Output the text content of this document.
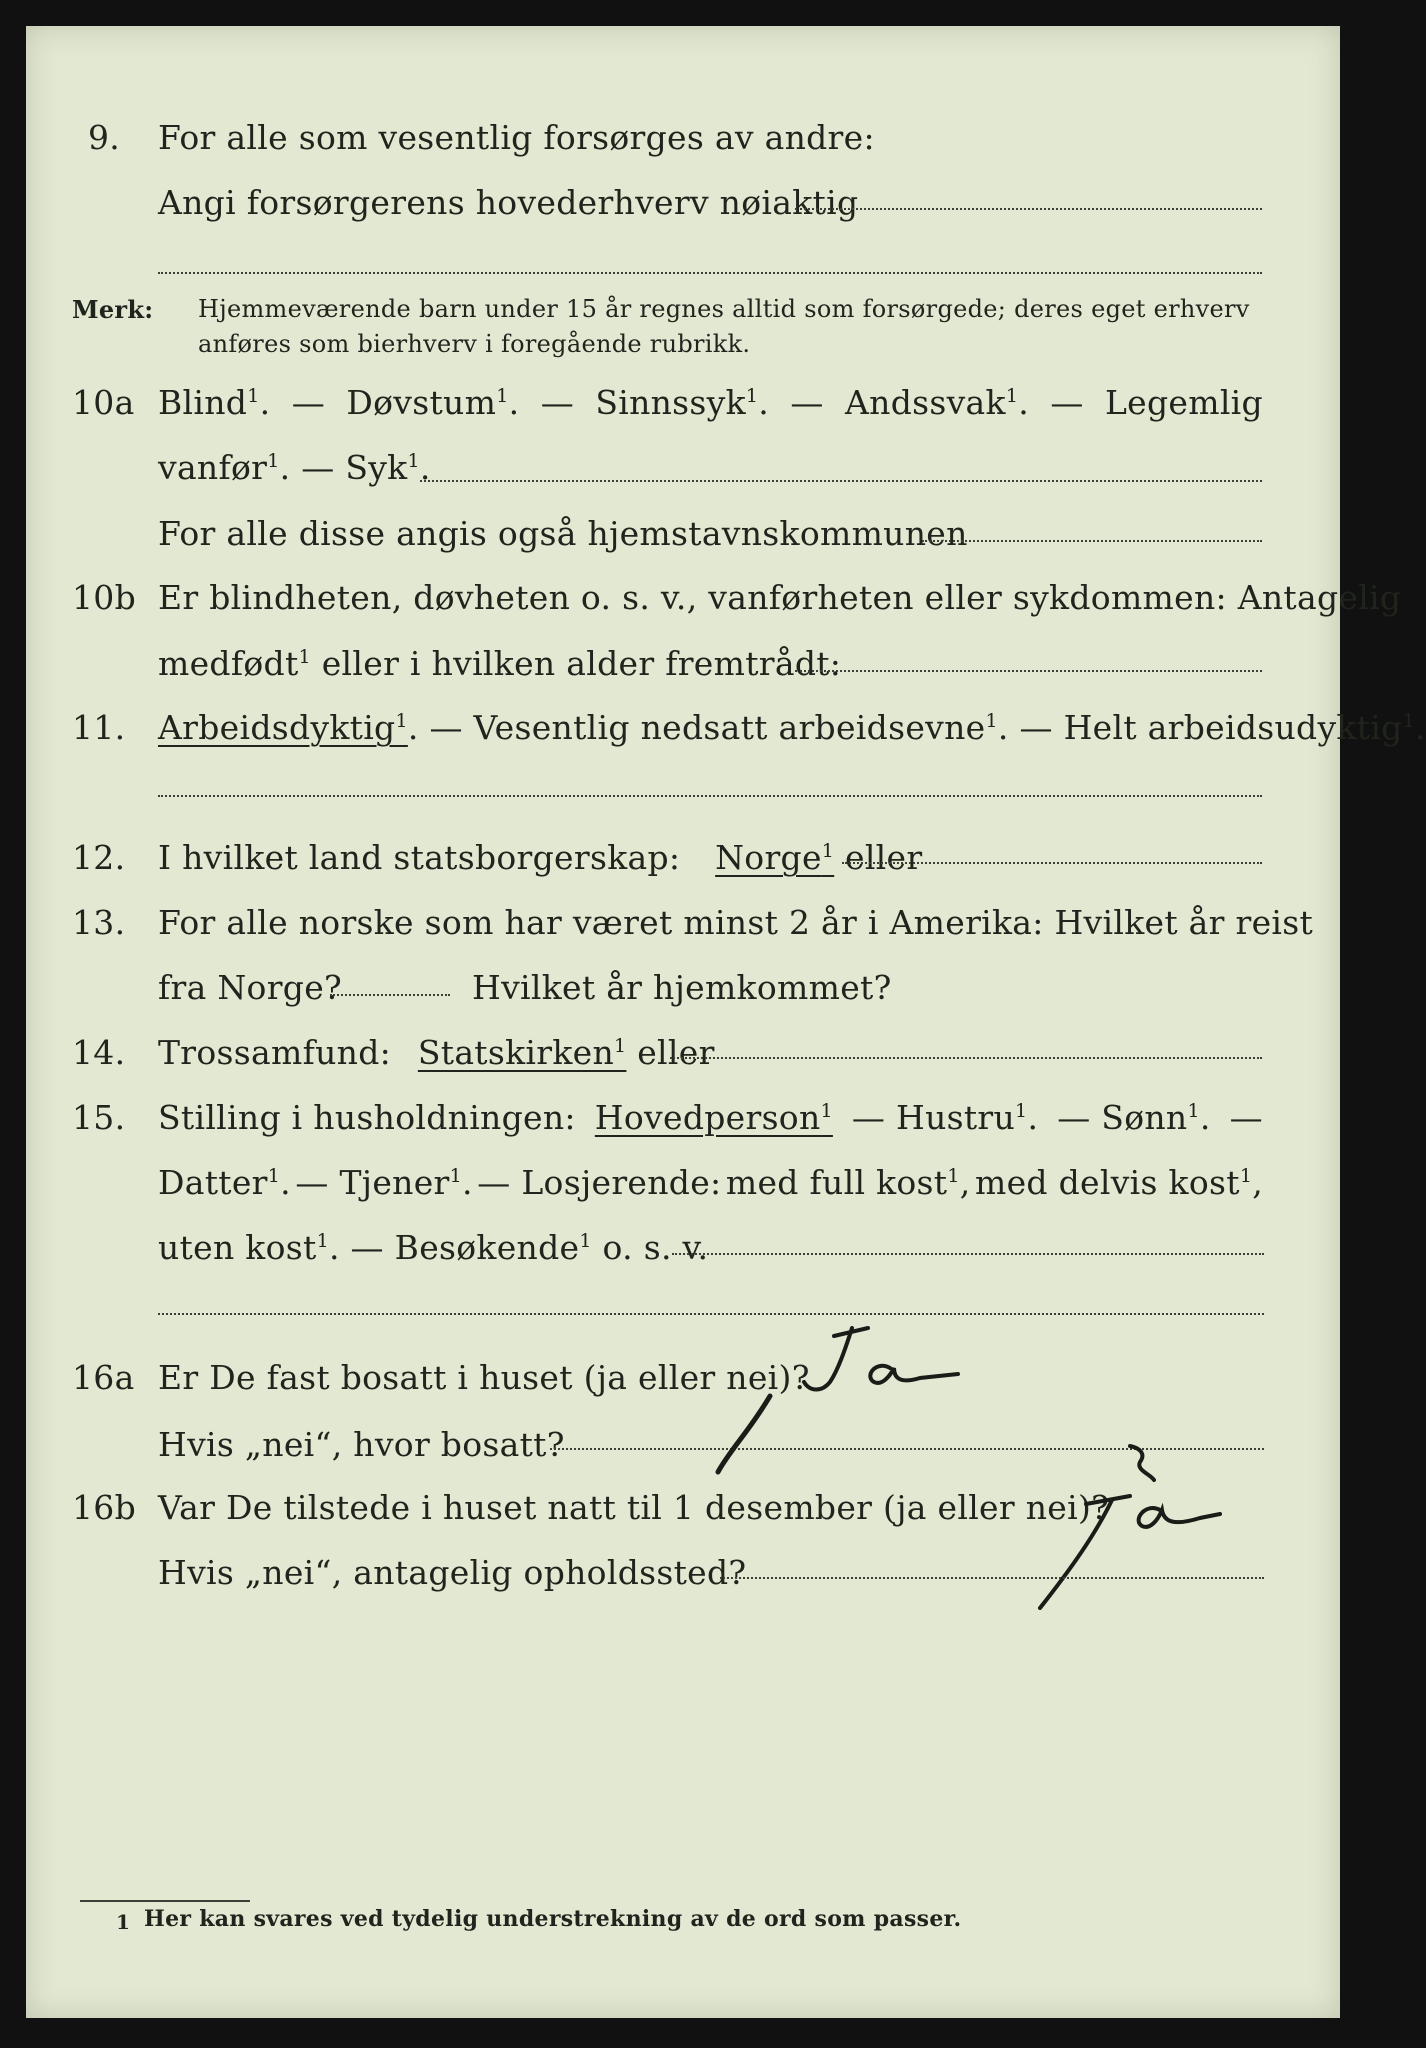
9. For alle som vesentlig forsørges av andre:
Angi forsørgerens hovederhverv nøiaktig
Merk: Hjemmeværende barn under 15 år regnes alltid som forsørgede; deres eget erhverv
anføres som bierhverv i foregående rubrikk.
10a Blind$^1$. — Døvstum$^1$. — Sinnssyk$^1$. — Andssvak$^1$. — Legemlig
vanfør$^1$. — Syk$^1$.
For alle disse angis også hjemstavnskommunen
10b Er blindheten, døvheten o. s. v., vanførheten eller sykdommen: Antagelig
medfødt$^1$ eller i hvilken alder fremtrådt:
11. Arbeidsdyktig$^1$. — Vesentlig nedsatt arbeidsevne$^1$. — Helt arbeidsudyktig$^1$.
12. I hvilket land statsborgerskap: Norge$^1$ eller
13. For alle norske som har været minst 2 år i Amerika: Hvilket år reist
fra Norge?	Hvilket år hjemkommet?
14. Trossamfund: Statskirken$^1$ eller
15. Stilling i husholdningen: Hovedperson$^1$ — Hustru$^1$. — Sønn$^1$. —
Datter$^1$. — Tjener$^1$. — Losjerende: med full kost$^1$, med delvis kost$^1$,
uten kost$^1$. — Besøkende$^1$ o. s. v.
16a Er De fast bosatt i huset (ja eller nei)?
Hvis „nei“, hvor bosatt?
16b Var De tilstede i huset natt til 1 desember (ja eller nei)?
Hvis „nei“, antagelig opholdssted?
1 Her kan svares ved tydelig understrekning av de ord som passer.
